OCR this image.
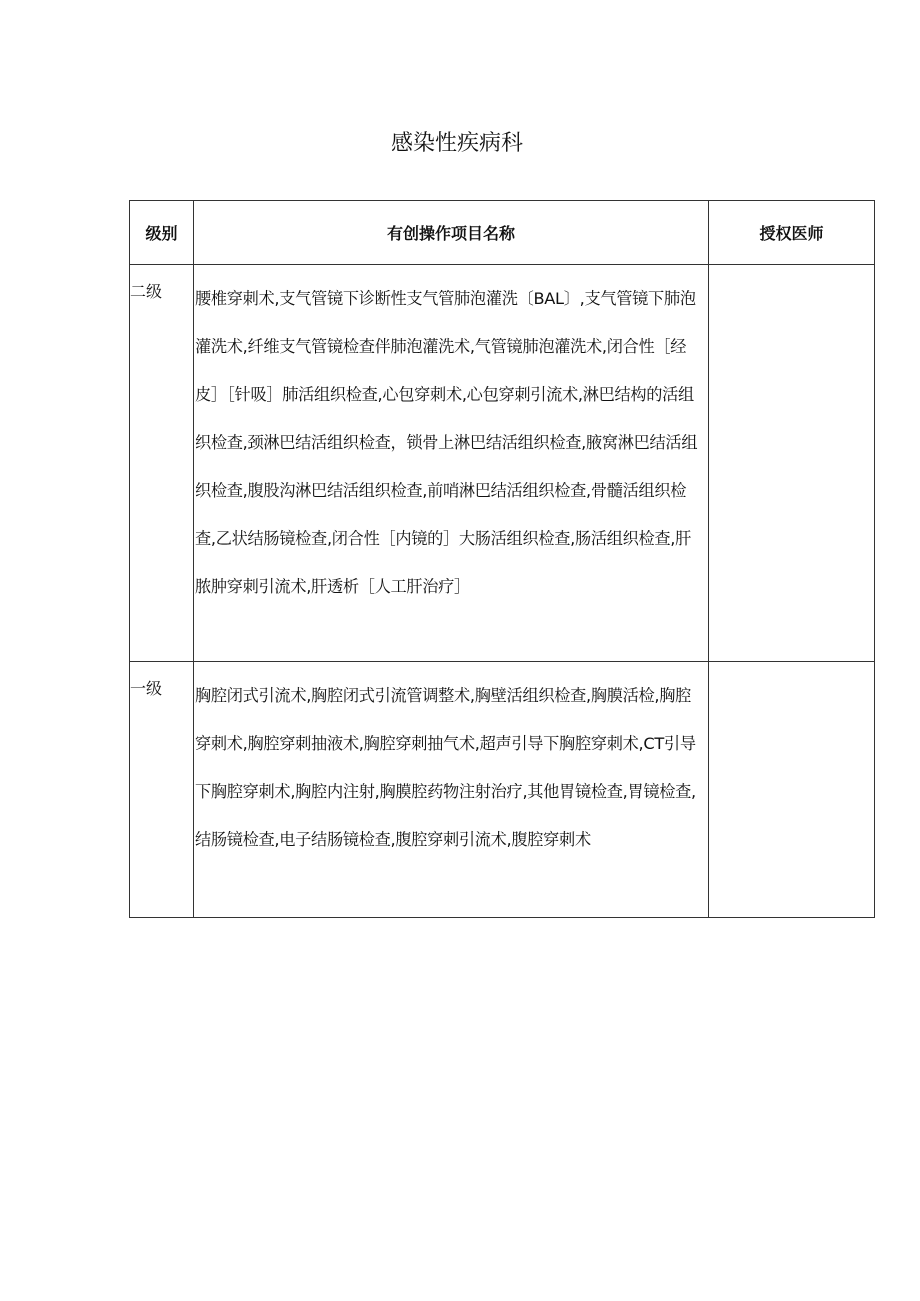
感染性疾病科
级别	有创操作项目名称	授权医师
二级	腰椎穿刺术,支气管镜下诊断性支气管肺泡灌洗〔BAL〕,支气管镜下肺泡灌洗术,纤维支气管镜检查伴肺泡灌洗术,气管镜肺泡灌洗术,闭合性［经皮］［针吸］肺活组织检查,心包穿刺术,心包穿刺引流术,淋巴结构的活组织检查,颈淋巴结活组织检查，锁骨上淋巴结活组织检查,腋窝淋巴结活组织检查,腹股沟淋巴结活组织检查,前哨淋巴结活组织检查,骨髓活组织检查,乙状结肠镜检查,闭合性［内镜的］大肠活组织检查,肠活组织检查,肝脓肿穿刺引流术,肝透析［人工肝治疗］	
一级	胸腔闭式引流术,胸腔闭式引流管调整术,胸壁活组织检查,胸膜活检,胸腔穿刺术,胸腔穿刺抽液术,胸腔穿刺抽气术,超声引导下胸腔穿刺术,CT引导下胸腔穿刺术,胸腔内注射,胸膜腔药物注射治疗,其他胃镜检查,胃镜检查,结肠镜检查,电子结肠镜检查,腹腔穿刺引流术,腹腔穿刺术	
